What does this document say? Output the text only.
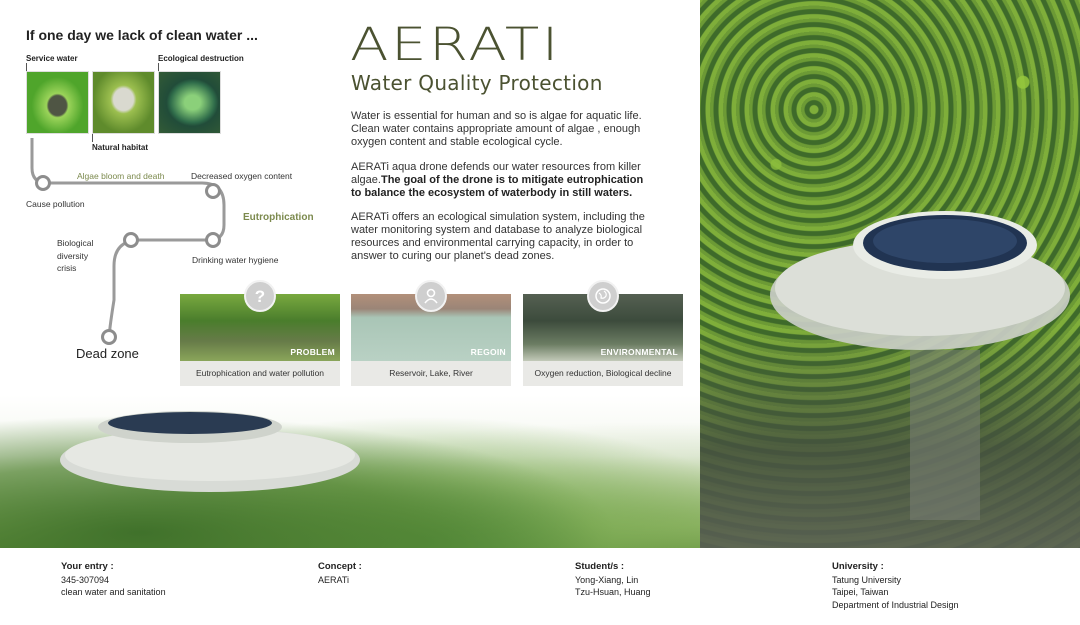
If one day we lack of clean water ...
Service water	Ecological destruction
Natural habitat
Cause pollution
Algae bloom and death	Decreased oxygen content
Eutrophication
Biological
diversity
crisis
Drinking water hygiene
Dead zone
AERATI
Water Quality Protection
Water is essential for human and so is algae for aquatic life. Clean water contains appropriate amount of algae , enough oxygen content and stable ecological cycle.
AERATi aqua drone defends our water resources from killer algae.The goal of the drone is to mitigate eutrophication to balance the ecosystem of waterbody in still waters.
AERATi offers an ecological simulation system, including the water monitoring system and database to analyze biological resources and environmental carrying capacity, in order to answer to curing our planet's dead zones.
PROBLEM
Eutrophication and water pollution
?
REGOIN
Reservoir, Lake, River
ENVIRONMENTAL
Oxygen reduction, Biological decline
Your entry :
345-307094
clean water and sanitation
Concept :
AERATi
Student/s :
Yong-Xiang, Lin
Tzu-Hsuan, Huang
University :
Tatung University
Taipei, Taiwan
Department of Industrial Design
